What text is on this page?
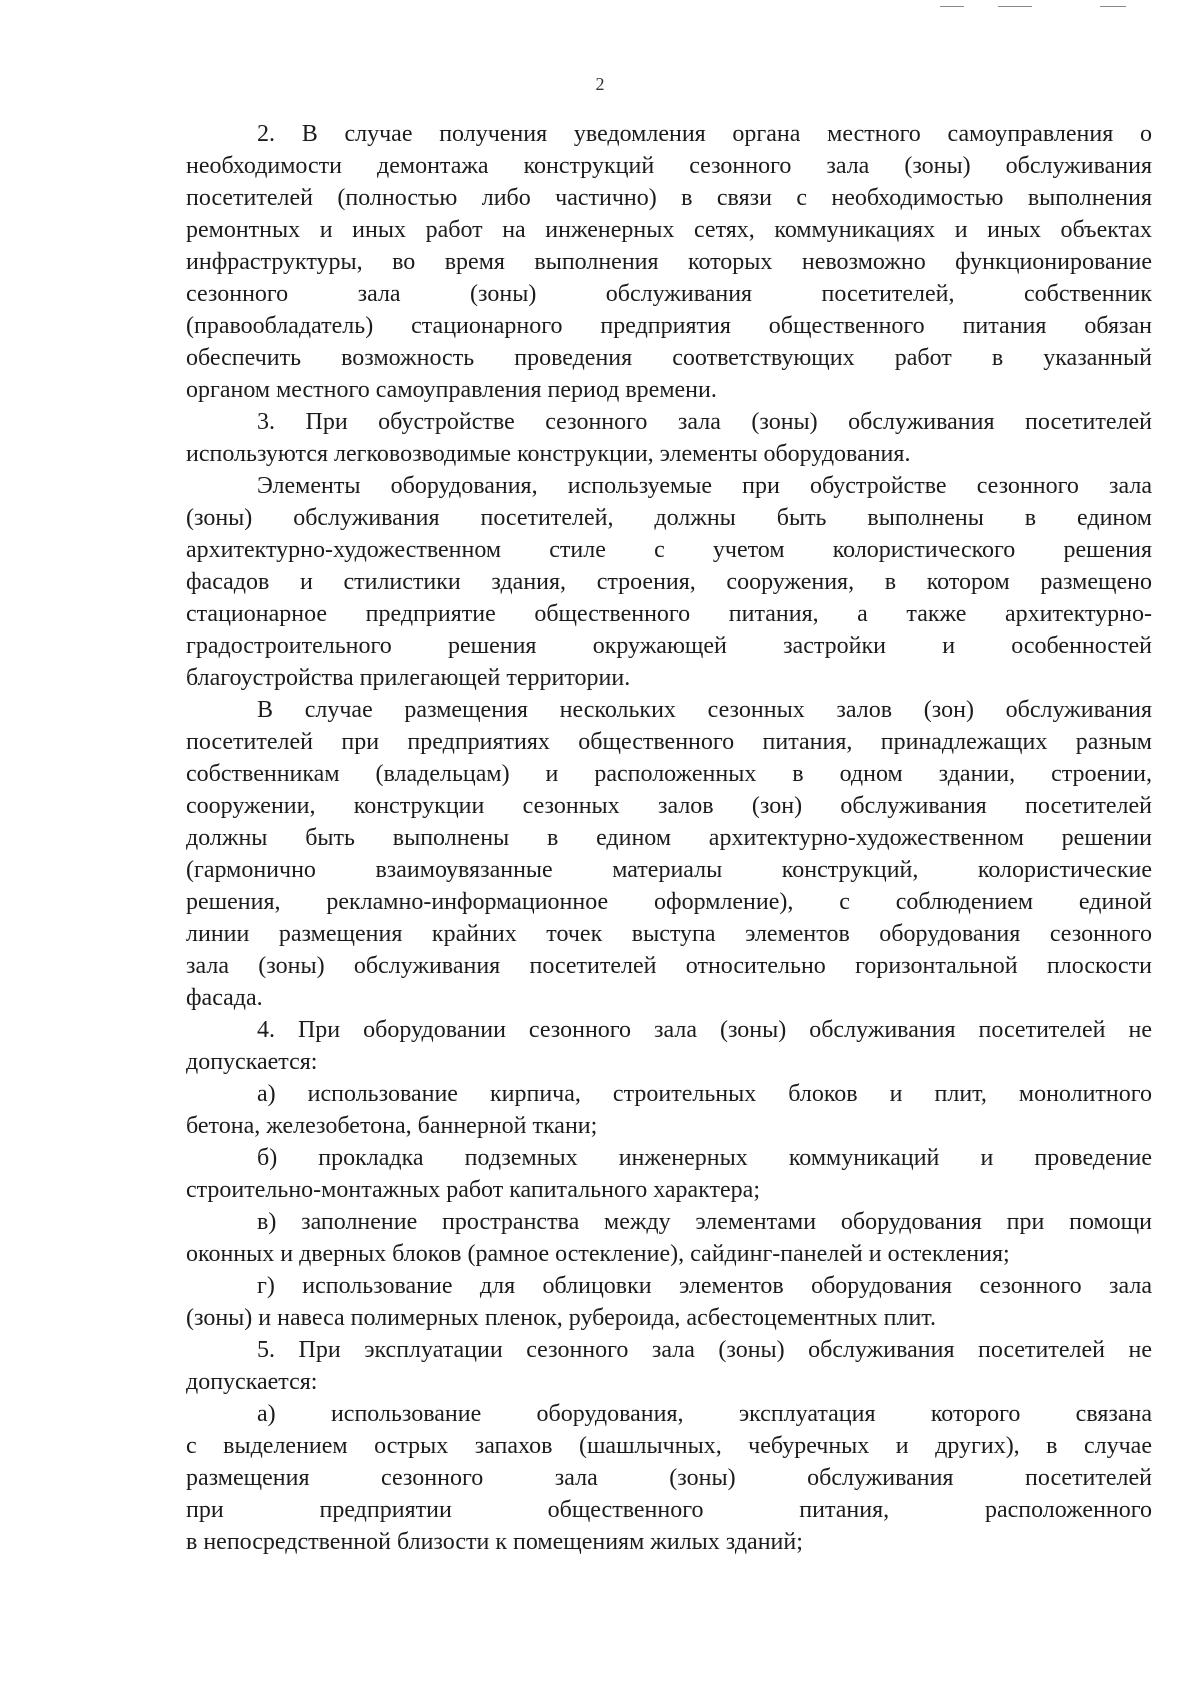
2
2. В случае получения уведомления органа местного самоуправления о
необходимости демонтажа конструкций сезонного зала (зоны) обслуживания
посетителей (полностью либо частично) в связи с необходимостью выполнения
ремонтных и иных работ на инженерных сетях, коммуникациях и иных объектах
инфраструктуры, во время выполнения которых невозможно функционирование
сезонного зала (зоны) обслуживания посетителей, собственник
(правообладатель) стационарного предприятия общественного питания обязан
обеспечить возможность проведения соответствующих работ в указанный
органом местного самоуправления период времени.
3. При обустройстве сезонного зала (зоны) обслуживания посетителей
используются легковозводимые конструкции, элементы оборудования.
Элементы оборудования, используемые при обустройстве сезонного зала
(зоны) обслуживания посетителей, должны быть выполнены в едином
архитектурно-художественном стиле с учетом колористического решения
фасадов и стилистики здания, строения, сооружения, в котором размещено
стационарное предприятие общественного питания, а также архитектурно-
градостроительного решения окружающей застройки и особенностей
благоустройства прилегающей территории.
В случае размещения нескольких сезонных залов (зон) обслуживания
посетителей при предприятиях общественного питания, принадлежащих разным
собственникам (владельцам) и расположенных в одном здании, строении,
сооружении, конструкции сезонных залов (зон) обслуживания посетителей
должны быть выполнены в едином архитектурно-художественном решении
(гармонично взаимоувязанные материалы конструкций, колористические
решения, рекламно-информационное оформление), с соблюдением единой
линии размещения крайних точек выступа элементов оборудования сезонного
зала (зоны) обслуживания посетителей относительно горизонтальной плоскости
фасада.
4. При оборудовании сезонного зала (зоны) обслуживания посетителей не
допускается:
а) использование кирпича, строительных блоков и плит, монолитного
бетона, железобетона, баннерной ткани;
б) прокладка подземных инженерных коммуникаций и проведение
строительно-монтажных работ капитального характера;
в) заполнение пространства между элементами оборудования при помощи
оконных и дверных блоков (рамное остекление), сайдинг-панелей и остекления;
г) использование для облицовки элементов оборудования сезонного зала
(зоны) и навеса полимерных пленок, рубероида, асбестоцементных плит.
5. При эксплуатации сезонного зала (зоны) обслуживания посетителей не
допускается:
а) использование оборудования, эксплуатация которого связана
с выделением острых запахов (шашлычных, чебуречных и других), в случае
размещения сезонного зала (зоны) обслуживания посетителей
при предприятии общественного питания, расположенного
в непосредственной близости к помещениям жилых зданий;
